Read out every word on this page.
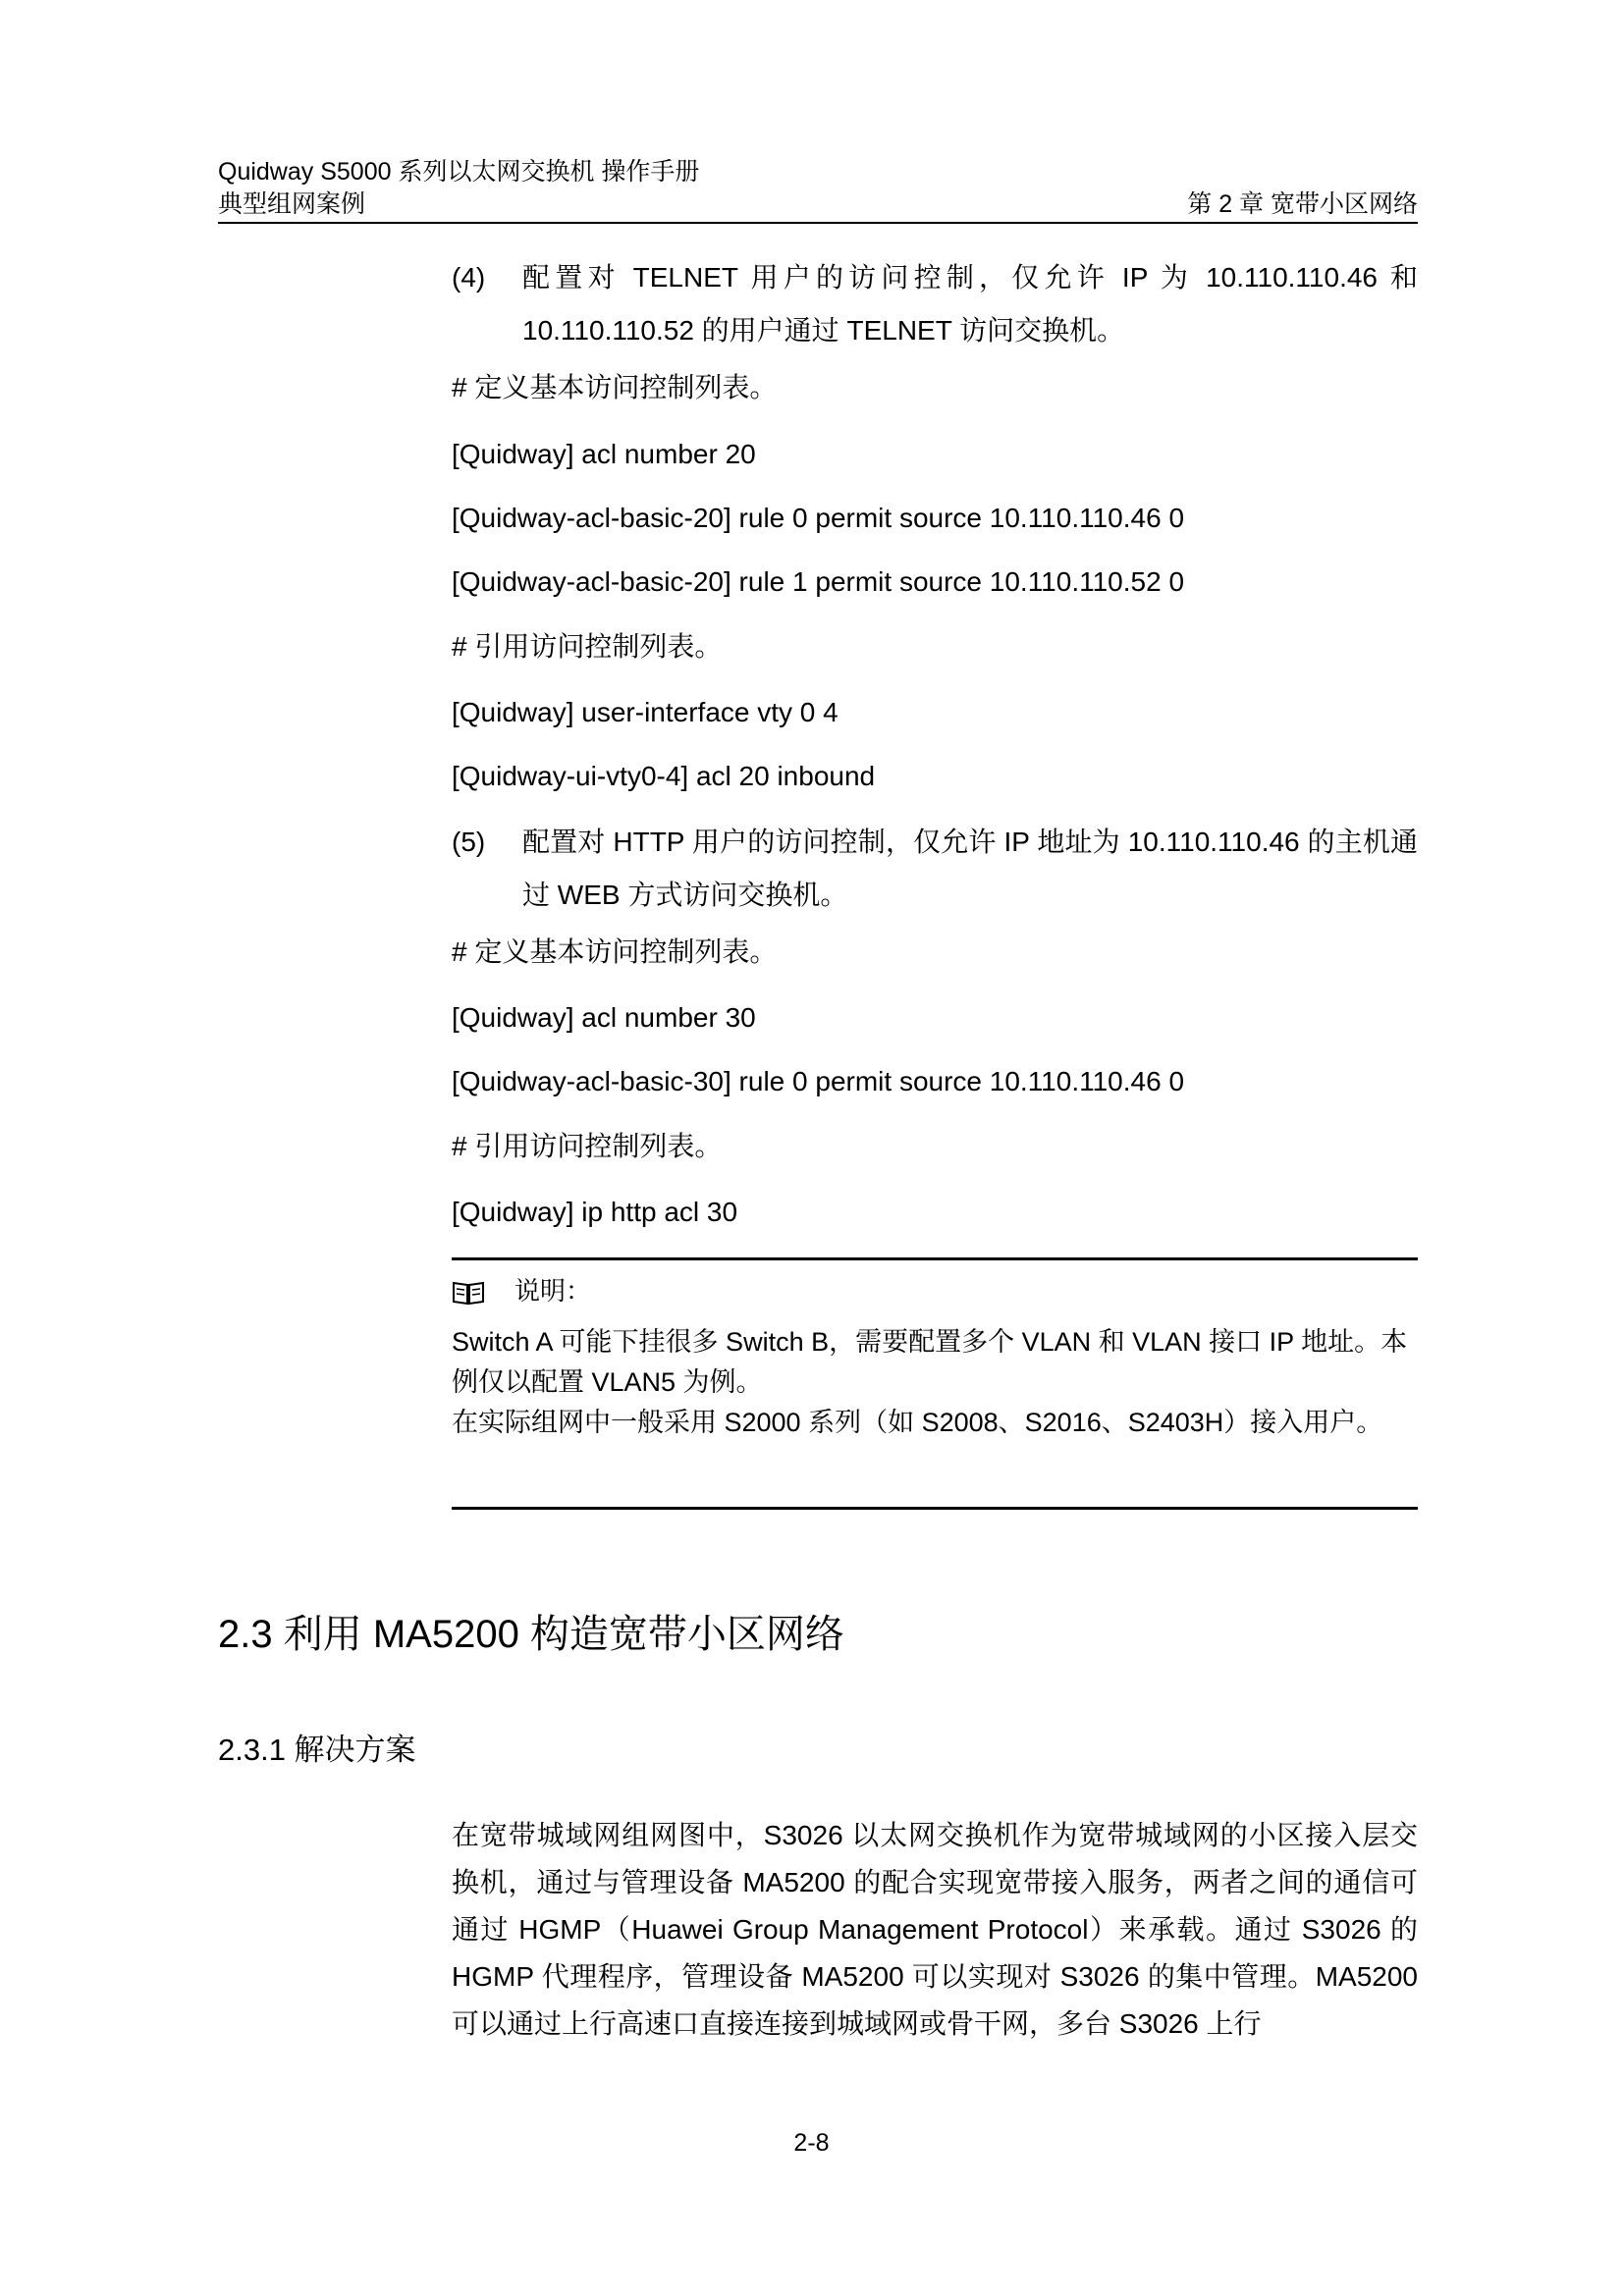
Quidway S5000 系列以太网交换机 操作手册
典型组网案例	第 2 章 宽带小区网络
(4) 配置对 TELNET 用户的访问控制，仅允许 IP 为 10.110.110.46 和 10.110.110.52 的用户通过 TELNET 访问交换机。
# 定义基本访问控制列表。
[Quidway] acl number 20
[Quidway-acl-basic-20] rule 0 permit source 10.110.110.46 0
[Quidway-acl-basic-20] rule 1 permit source 10.110.110.52 0
# 引用访问控制列表。
[Quidway] user-interface vty 0 4
[Quidway-ui-vty0-4] acl 20 inbound
(5) 配置对 HTTP 用户的访问控制，仅允许 IP 地址为 10.110.110.46 的主机通过 WEB 方式访问交换机。
# 定义基本访问控制列表。
[Quidway] acl number 30
[Quidway-acl-basic-30] rule 0 permit source 10.110.110.46 0
# 引用访问控制列表。
[Quidway] ip http acl 30
说明：

Switch A 可能下挂很多 Switch B，需要配置多个 VLAN 和 VLAN 接口 IP 地址。本例仅以配置 VLAN5 为例。

在实际组网中一般采用 S2000 系列（如 S2008、S2016、S2403H）接入用户。

2.3 利用 MA5200 构造宽带小区网络
2.3.1 解决方案
在宽带城域网组网图中，S3026 以太网交换机作为宽带城域网的小区接入层交换机，通过与管理设备 MA5200 的配合实现宽带接入服务，两者之间的通信可通过 HGMP（Huawei Group Management Protocol）来承载。通过 S3026 的 HGMP 代理程序，管理设备 MA5200 可以实现对 S3026 的集中管理。MA5200 可以通过上行高速口直接连接到城域网或骨干网，多台 S3026 上行
2-8
